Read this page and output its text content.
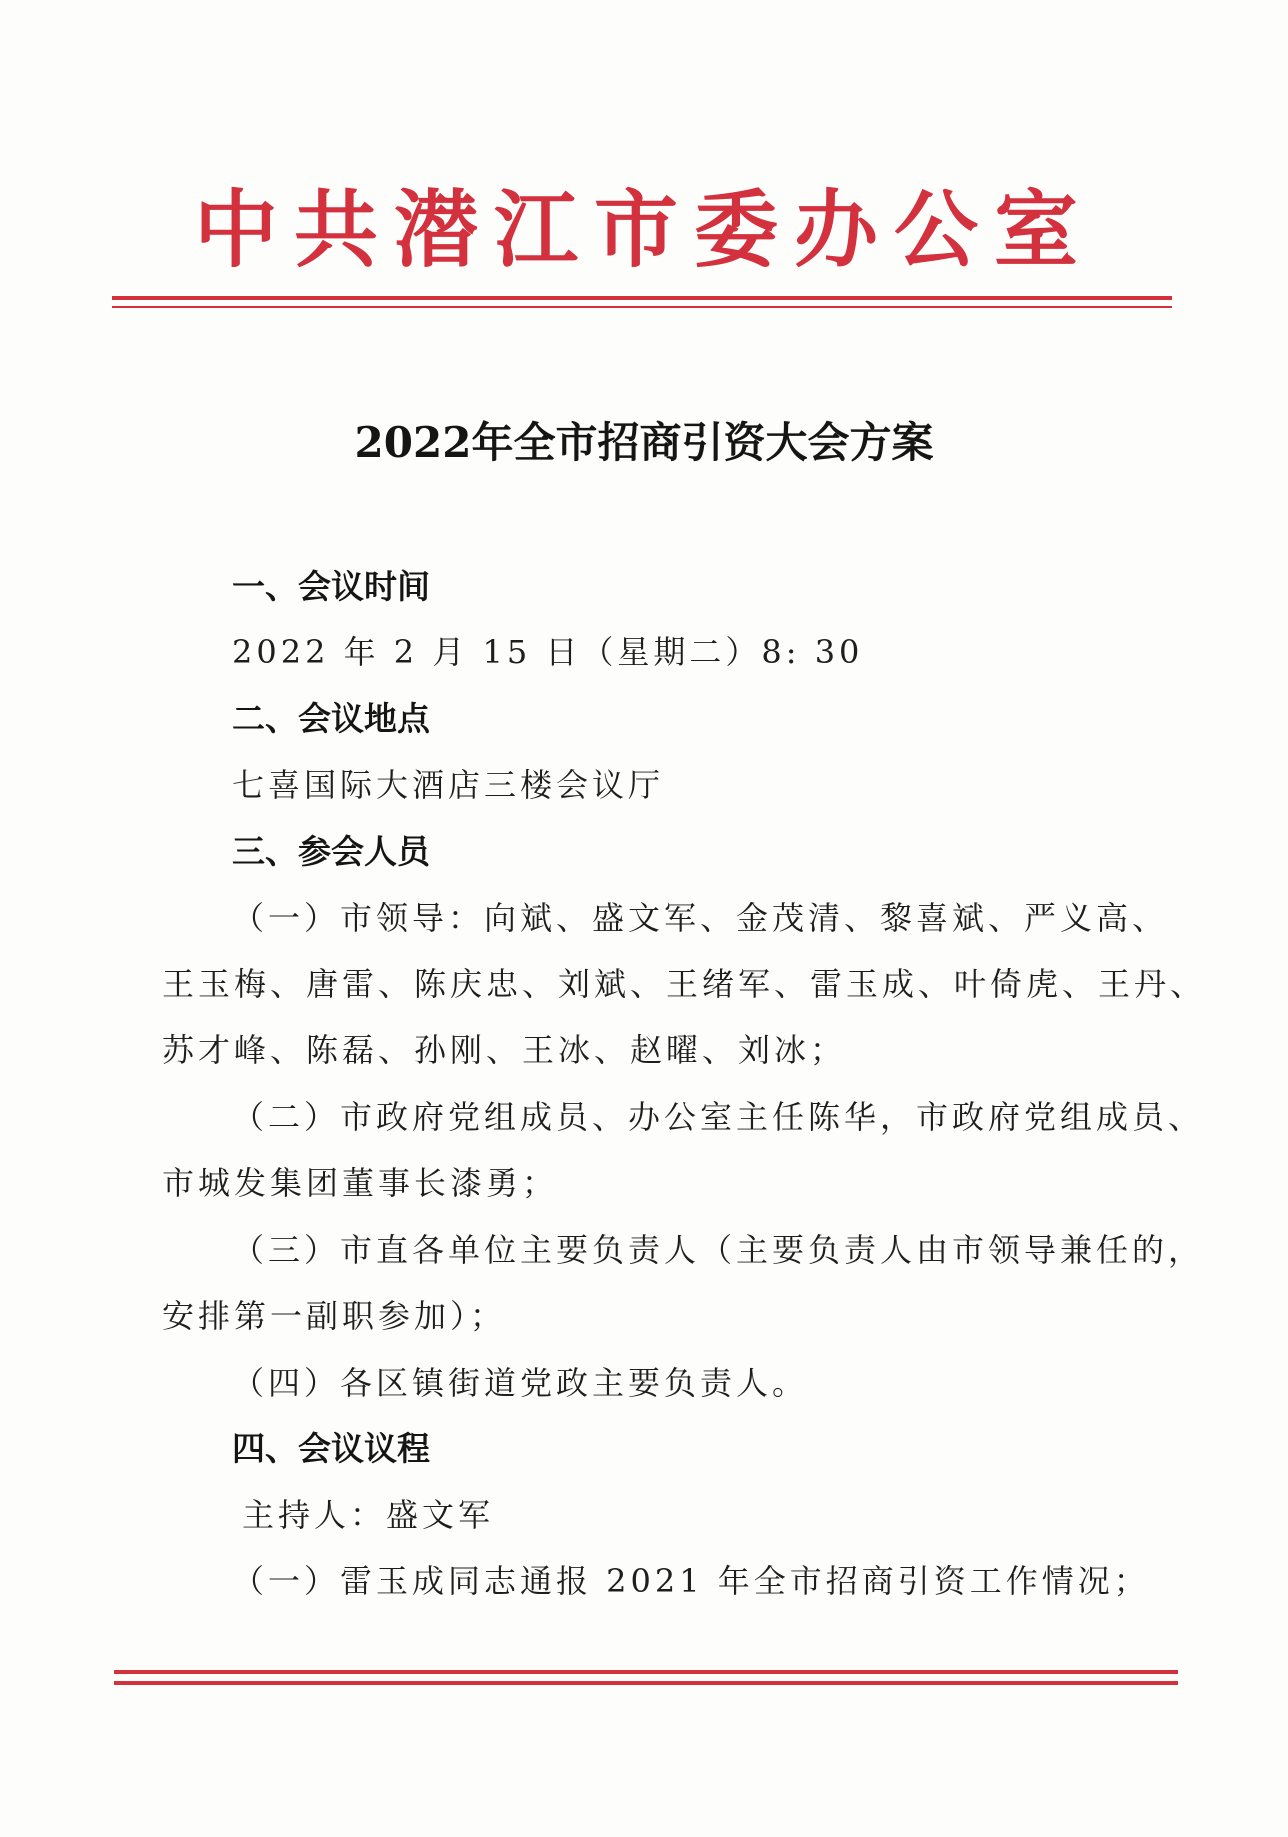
中共潜江市委办公室
2022年全市招商引资大会方案
一、会议时间
2022 年 2 月 15 日（星期二）8: 30
二、会议地点
七喜国际大酒店三楼会议厅
三、参会人员
（一）市领导：向斌、盛文军、金茂清、黎喜斌、严义高、
王玉梅、唐雷、陈庆忠、刘斌、王绪军、雷玉成、叶倚虎、王丹、
苏才峰、陈磊、孙刚、王冰、赵曜、刘冰；
（二）市政府党组成员、办公室主任陈华，市政府党组成员、
市城发集团董事长漆勇；
（三）市直各单位主要负责人（主要负责人由市领导兼任的，
安排第一副职参加）；
（四）各区镇街道党政主要负责人。
四、会议议程
主持人：盛文军
（一）雷玉成同志通报 2021 年全市招商引资工作情况；
